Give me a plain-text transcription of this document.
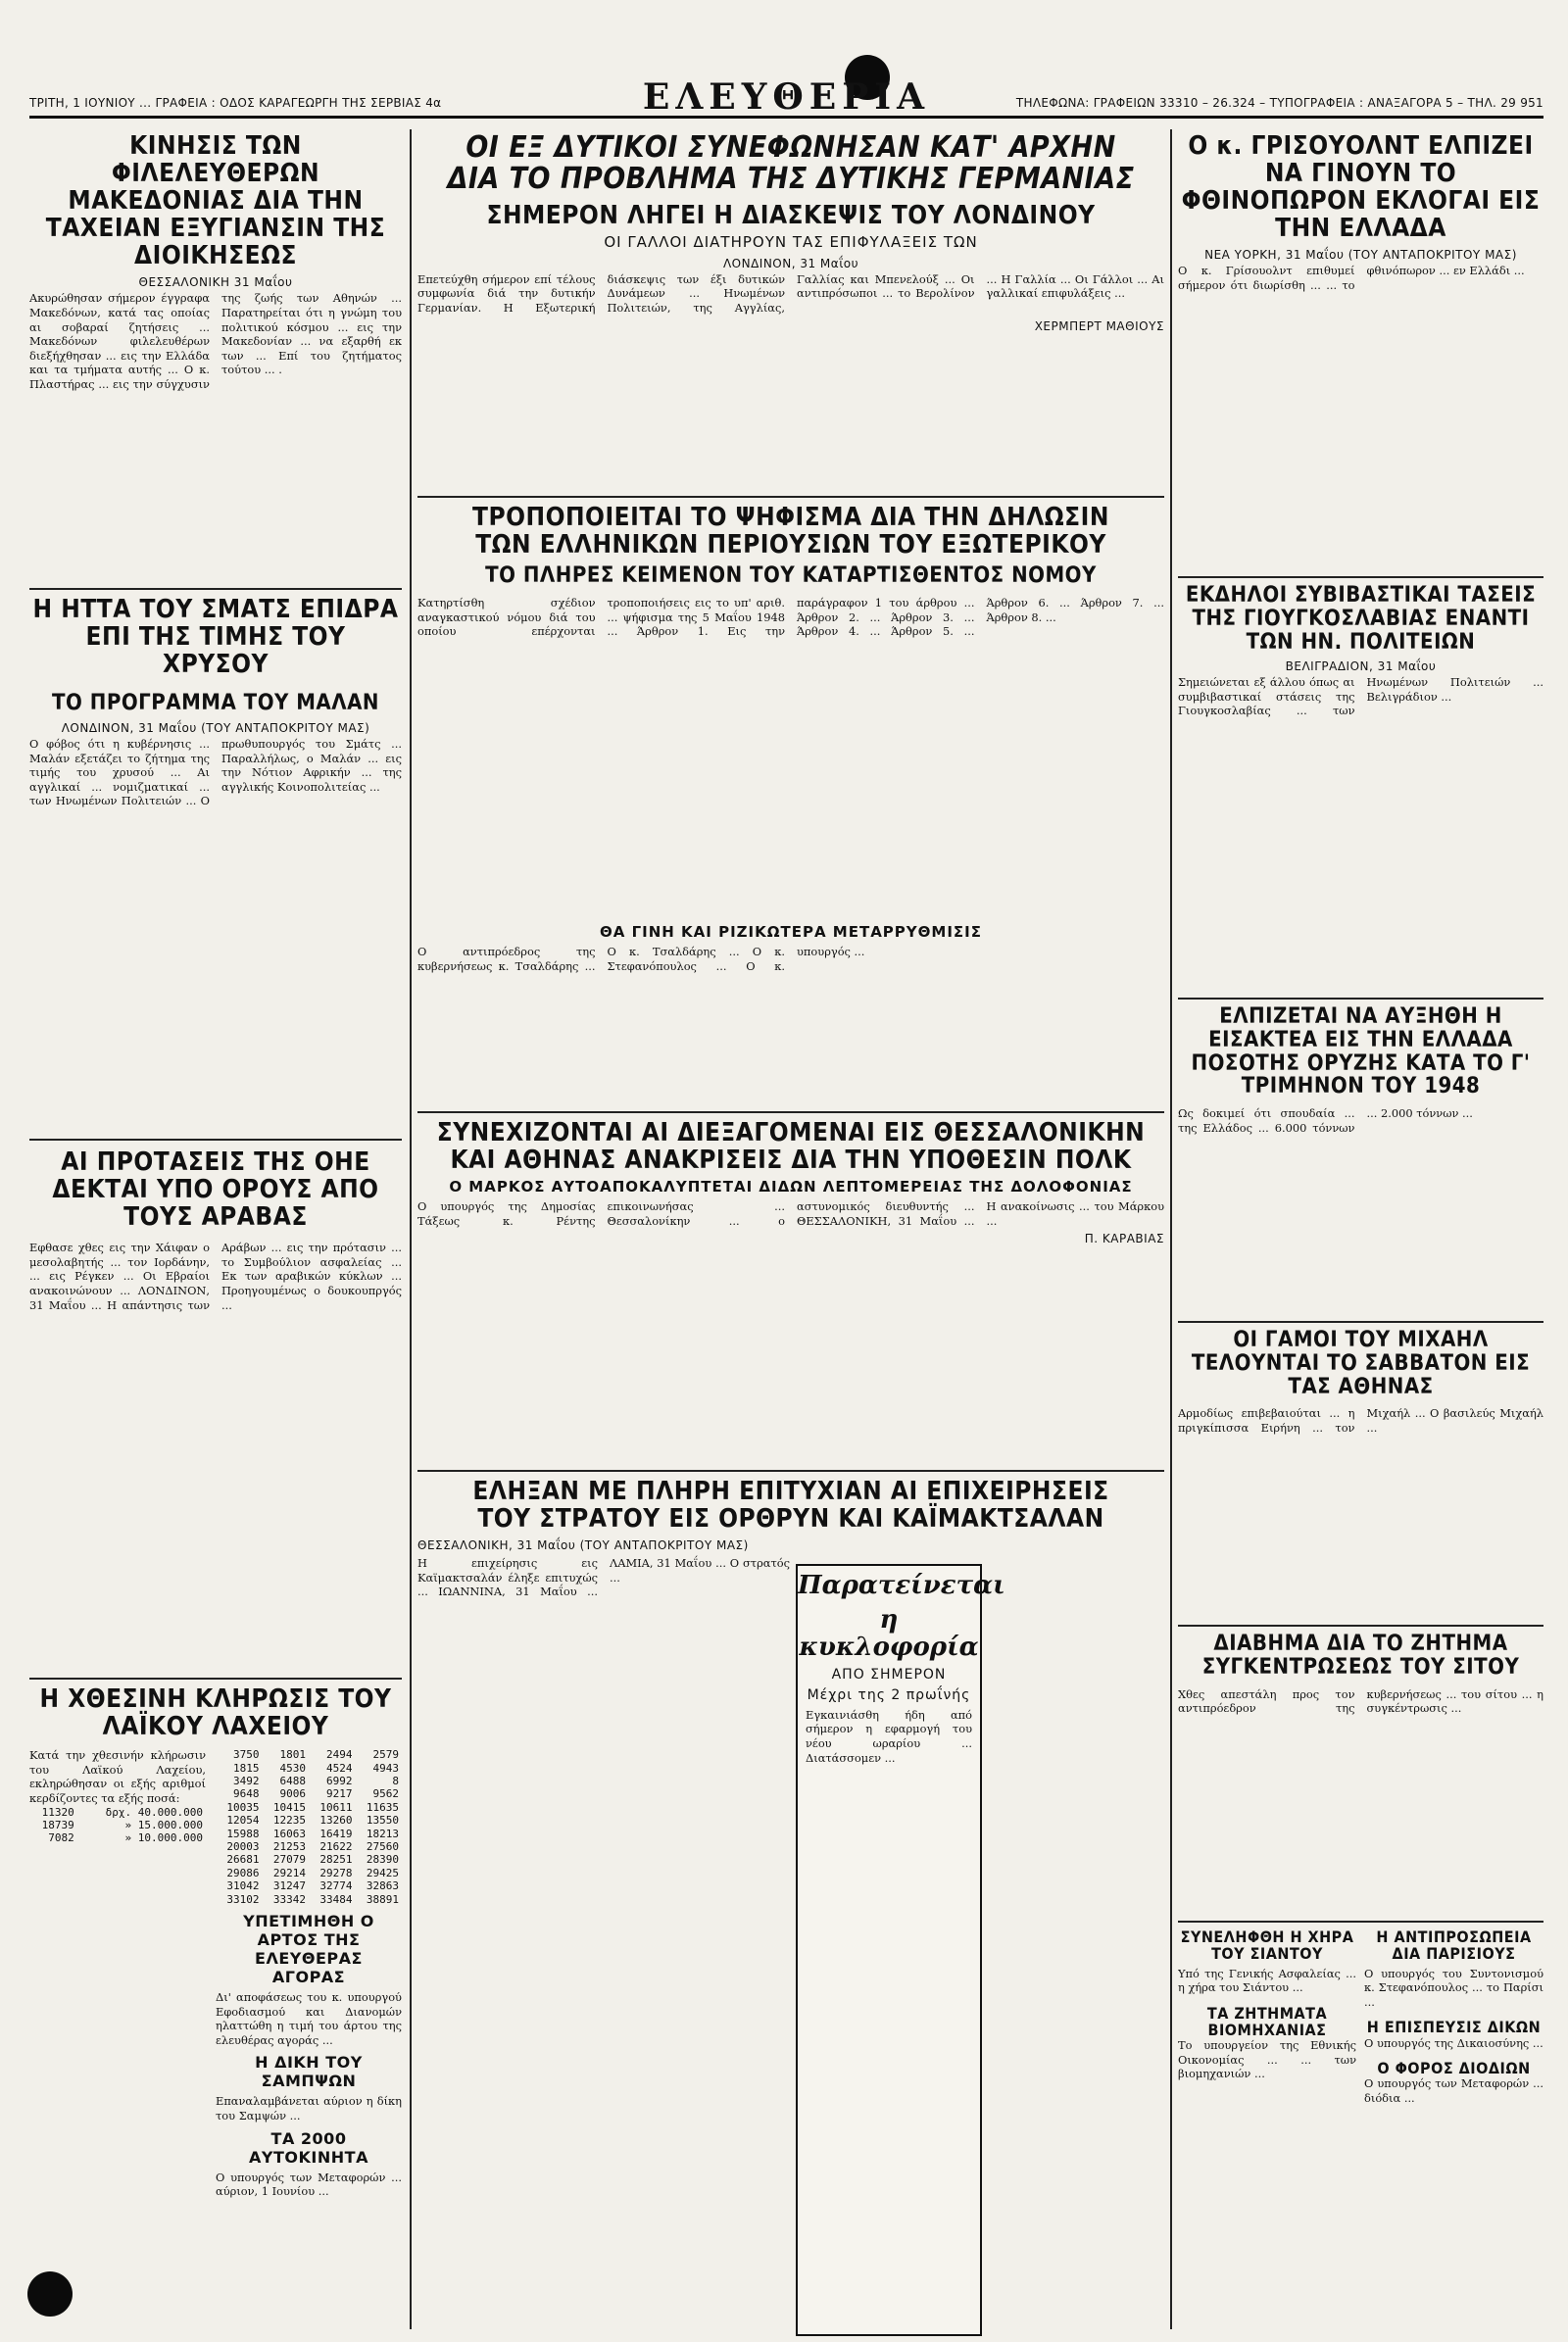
ΤΡΙΤΗ, 1 ΙΟΥΝΙΟΥ ... ΓΡΑΦΕΙΑ : ΟΔΟΣ ΚΑΡΑΓΕΩΡΓΗ ΤΗΣ ΣΕΡΒΙΑΣ 4α	ΕΛΕΥΘΕΡΙΑ	ΤΗΛΕΦΩΝΑ: ΓΡΑΦΕΙΩΝ 33310 – 26.324 – ΤΥΠΟΓΡΑΦΕΙΑ : ΑΝΑΞΑΓΟΡΑ 5 – ΤΗΛ. 29 951
ΚΙΝΗΣΙΣ ΤΩΝ ΦΙΛΕΛΕΥΘΕΡΩΝ ΜΑΚΕΔΟΝΙΑΣ ΔΙΑ ΤΗΝ ΤΑΧΕΙΑΝ ΕΞΥΓΙΑΝΣΙΝ ΤΗΣ ΔΙΟΙΚΗΣΕΩΣ
ΘΕΣΣΑΛΟΝΙΚΗ 31 Μαΐου

Ακυρώθησαν σήμερον έγγραφα Μακεδόνων, κατά τας οποίας αι σοβαραί ζητήσεις ... Μακεδόνων φιλελευθέρων διεξήχθησαν ... εις την Ελλάδα και τα τμήματα αυτής ... Ο κ. Πλαστήρας ... εις την σύγχυσιν της ζωής των Αθηνών ... Παρατηρείται ότι η γνώμη του πολιτικού κόσμου ... εις την Μακεδονίαν ... να εξαρθή εκ των ... Επί του ζητήματος τούτου ... .

Η ΗΤΤΑ ΤΟΥ ΣΜΑΤΣ ΕΠΙΔΡΑ ΕΠΙ ΤΗΣ ΤΙΜΗΣ ΤΟΥ ΧΡΥΣΟΥ
ΤΟ ΠΡΟΓΡΑΜΜΑ ΤΟΥ ΜΑΛΑΝ
ΛΟΝΔΙΝΟΝ, 31 Μαΐου (ΤΟΥ ΑΝΤΑΠΟΚΡΙΤΟΥ ΜΑΣ)

Ο φόβος ότι η κυβέρνησις ... Μαλάν εξετάζει το ζήτημα της τιμής του χρυσού ... Αι αγγλικαί ... νομιζματικαί ... των Ηνωμένων Πολιτειών ... Ο πρωθυπουργός του Σμάτς ... Παραλλήλως, ο Μαλάν ... εις την Νότιον Αφρικήν ... της αγγλικής Κοινοπολιτείας ...

ΑΙ ΠΡΟΤΑΣΕΙΣ ΤΗΣ ΟΗΕ ΔΕΚΤΑΙ ΥΠΟ ΟΡΟΥΣ ΑΠΟ ΤΟΥΣ ΑΡΑΒΑΣ

Εφθασε χθες εις την Χάιφαν ο μεσολαβητής ... τον Ιορδάνην, ... εις Ρέγκεν ... Οι Εβραίοι ανακοινώνουν ... ΛΟΝΔΙΝΟΝ, 31 Μαΐου ... Η απάντησις των Αράβων ... εις την πρότασιν ... το Συμβούλιον ασφαλείας ... Εκ των αραβικών κύκλων ... Προηγουμένως ο δουκουπργός ...

Η ΧΘΕΣΙΝΗ ΚΛΗΡΩΣΙΣ ΤΟΥ ΛΑΪΚΟΥ ΛΑΧΕΙΟΥ

Κατά την χθεσινήν κλήρωσιν του Λαϊκού Λαχείου, εκληρώθησαν οι εξής αριθμοί κερδίζοντες τα εξής ποσά:

11320	δρχ. 40.000.000
18739	» 15.000.000
7082	» 10.000.000
3750	1801	2494	2579
1815	4530	4524	4943
3492	6488	6992	8
9648	9006	9217	9562
10035	10415	10611	11635
12054	12235	13260	13550
15988	16063	16419	18213
20003	21253	21622	27560
26681	27079	28251	28390
29086	29214	29278	29425
31042	31247	32774	32863
33102	33342	33484	38891
ΥΠΕΤΙΜΗΘΗ Ο ΑΡΤΟΣ ΤΗΣ ΕΛΕΥΘΕΡΑΣ ΑΓΟΡΑΣ

Δι' αποφάσεως του κ. υπουργού Εφοδιασμού και Διανομών ηλαττώθη η τιμή του άρτου της ελευθέρας αγοράς ...

Η ΔΙΚΗ ΤΟΥ ΣΑΜΠΨΩΝ

Επαναλαμβάνεται αύριον η δίκη του Σαμψών ...

ΤΑ 2000 ΑΥΤΟΚΙΝΗΤΑ

Ο υπουργός των Μεταφορών ... αύριον, 1 Ιουνίου ...

ΟΙ ΕΞ ΔΥΤΙΚΟΙ ΣΥΝΕΦΩΝΗΣΑΝ ΚΑΤ' ΑΡΧΗΝ
ΔΙΑ ΤΟ ΠΡΟΒΛΗΜΑ ΤΗΣ ΔΥΤΙΚΗΣ ΓΕΡΜΑΝΙΑΣ
ΣΗΜΕΡΟΝ ΛΗΓΕΙ Η ΔΙΑΣΚΕΨΙΣ ΤΟΥ ΛΟΝΔΙΝΟΥ
ΟΙ ΓΑΛΛΟΙ ΔΙΑΤΗΡΟΥΝ ΤΑΣ ΕΠΙΦΥΛΑΞΕΙΣ ΤΩΝ
ΛΟΝΔΙΝΟΝ, 31 Μαΐου

Επετεύχθη σήμερον επί τέλους συμφωνία διά την δυτικήν Γερμανίαν. Η Εξωτερική διάσκεψις των έξι δυτικών Δυνάμεων ... Ηνωμένων Πολιτειών, της Αγγλίας, Γαλλίας και Μπενελούξ ... Οι αντιπρόσωποι ... το Βερολίνον ... Η Γαλλία ... Οι Γάλλοι ... Αι γαλλικαί επιφυλάξεις ...

ΧΕΡΜΠΕΡΤ ΜΑΘΙΟΥΣ
ΤΡΟΠΟΠΟΙΕΙΤΑΙ ΤΟ ΨΗΦΙΣΜΑ ΔΙΑ ΤΗΝ ΔΗΛΩΣΙΝ
ΤΩΝ ΕΛΛΗΝΙΚΩΝ ΠΕΡΙΟΥΣΙΩΝ ΤΟΥ ΕΞΩΤΕΡΙΚΟΥ
ΤΟ ΠΛΗΡΕΣ ΚΕΙΜΕΝΟΝ ΤΟΥ ΚΑΤΑΡΤΙΣΘΕΝΤΟΣ ΝΟΜΟΥ

Κατηρτίσθη σχέδιον αναγκαστικού νόμου διά του οποίου επέρχονται τροποποιήσεις εις το υπ' αριθ. ... ψήφισμα της 5 Μαΐου 1948 ... Άρθρον 1. Εις την παράγραφον 1 του άρθρου ... Άρθρον 2. ... Άρθρον 3. ... Άρθρον 4. ... Άρθρον 5. ... Άρθρον 6. ... Άρθρον 7. ... Άρθρον 8. ...

ΘΑ ΓΙΝΗ ΚΑΙ ΡΙΖΙΚΩΤΕΡΑ ΜΕΤΑΡΡΥΘΜΙΣΙΣ

Ο αντιπρόεδρος της κυβερνήσεως κ. Τσαλδάρης ... Ο κ. Τσαλδάρης ... Ο κ. Στεφανόπουλος ... Ο κ. υπουργός ...

ΣΥΝΕΧΙΖΟΝΤΑΙ ΑΙ ΔΙΕΞΑΓΟΜΕΝΑΙ ΕΙΣ ΘΕΣΣΑΛΟΝΙΚΗΝ
ΚΑΙ ΑΘΗΝΑΣ ΑΝΑΚΡΙΣΕΙΣ ΔΙΑ ΤΗΝ ΥΠΟΘΕΣΙΝ ΠΟΛΚ
Ο ΜΑΡΚΟΣ ΑΥΤΟΑΠΟΚΑΛΥΠΤΕΤΑΙ ΔΙΔΩΝ ΛΕΠΤΟΜΕΡΕΙΑΣ ΤΗΣ ΔΟΛΟΦΟΝΙΑΣ

Ο υπουργός της Δημοσίας Τάξεως κ. Ρέντης επικοινωνήσας ... Θεσσαλονίκην ... ο αστυνομικός διευθυντής ... ΘΕΣΣΑΛΟΝΙΚΗ, 31 Μαΐου ... Η ανακοίνωσις ... του Μάρκου ...

Π. ΚΑΡΑΒΙΑΣ
ΕΛΗΞΑΝ ΜΕ ΠΛΗΡΗ ΕΠΙΤΥΧΙΑΝ ΑΙ ΕΠΙΧΕΙΡΗΣΕΙΣ
ΤΟΥ ΣΤΡΑΤΟΥ ΕΙΣ ΟΡΘΡΥΝ ΚΑΙ ΚΑΪΜΑΚΤΣΑΛΑΝ
ΘΕΣΣΑΛΟΝΙΚΗ, 31 Μαΐου (ΤΟΥ ΑΝΤΑΠΟΚΡΙΤΟΥ ΜΑΣ)

Η επιχείρησις εις Καϊμακτσαλάν έληξε επιτυχώς ... ΙΩΑΝΝΙΝΑ, 31 Μαΐου ... ΛΑΜΙΑ, 31 Μαΐου ... Ο στρατός ...	Παρατείνεται
η κυκλοφορία
ΑΠΟ ΣΗΜΕΡΟΝ
Μέχρι της 2 πρωΐνής

Εγκαινιάσθη ήδη από σήμερον η εφαρμογή του νέου ωραρίου ... Διατάσσομεν ...

Ο κ. ΓΡΙΣΟΥΟΛΝΤ ΕΛΠΙΖΕΙ ΝΑ ΓΙΝΟΥΝ ΤΟ ΦΘΙΝΟΠΩΡΟΝ ΕΚΛΟΓΑΙ ΕΙΣ ΤΗΝ ΕΛΛΑΔΑ
ΝΕΑ ΥΟΡΚΗ, 31 Μαΐου (ΤΟΥ ΑΝΤΑΠΟΚΡΙΤΟΥ ΜΑΣ)

Ο κ. Γρίσουολντ επιθυμεί σήμερον ότι διωρίσθη ... ... το φθινόπωρον ... εν Ελλάδι ...

ΕΚΔΗΛΟΙ ΣΥΒΙΒΑΣΤΙΚΑΙ ΤΑΣΕΙΣ ΤΗΣ ΓΙΟΥΓΚΟΣΛΑΒΙΑΣ ΕΝΑΝΤΙ ΤΩΝ ΗΝ. ΠΟΛΙΤΕΙΩΝ
ΒΕΛΙΓΡΑΔΙΟΝ, 31 Μαΐου

Σημειώνεται εξ άλλου όπως αι συμβιβαστικαί στάσεις της Γιουγκοσλαβίας ... των Ηνωμένων Πολιτειών ... Βελιγράδιον ...

ΕΛΠΙΖΕΤΑΙ ΝΑ ΑΥΞΗΘΗ Η ΕΙΣΑΚΤΕΑ ΕΙΣ ΤΗΝ ΕΛΛΑΔΑ ΠΟΣΟΤΗΣ ΟΡΥΖΗΣ ΚΑΤΑ ΤΟ Γ' ΤΡΙΜΗΝΟΝ ΤΟΥ 1948

Ως δοκιμεί ότι σπουδαία ... της Ελλάδος ... 6.000 τόννων ... 2.000 τόννων ...

ΟΙ ΓΑΜΟΙ ΤΟΥ ΜΙΧΑΗΛ ΤΕΛΟΥΝΤΑΙ ΤΟ ΣΑΒΒΑΤΟΝ ΕΙΣ ΤΑΣ ΑΘΗΝΑΣ

Αρμοδίως επιβεβαιούται ... η πριγκίπισσα Ειρήνη ... τον Μιχαήλ ... Ο βασιλεύς Μιχαήλ ...

ΔΙΑΒΗΜΑ ΔΙΑ ΤΟ ΖΗΤΗΜΑ ΣΥΓΚΕΝΤΡΩΣΕΩΣ ΤΟΥ ΣΙΤΟΥ

Χθες απεστάλη προς τον αντιπρόεδρον της κυβερνήσεως ... του σίτου ... η συγκέντρωσις ...

ΣΥΝΕΛΗΦΘΗ Η ΧΗΡΑ ΤΟΥ ΣΙΑΝΤΟΥ

Υπό της Γενικής Ασφαλείας ... η χήρα του Σιάντου ...

ΤΑ ΖΗΤΗΜΑΤΑ ΒΙΟΜΗΧΑΝΙΑΣ

Το υπουργείον της Εθνικής Οικονομίας ... ... των βιομηχανιών ...

Η ΑΝΤΙΠΡΟΣΩΠΕΙΑ ΔΙΑ ΠΑΡΙΣΙΟΥΣ

Ο υπουργός του Συντονισμού κ. Στεφανόπουλος ... το Παρίσι ...

Η ΕΠΙΣΠΕΥΣΙΣ ΔΙΚΩΝ

Ο υπουργός της Δικαιοσύνης ...

Ο ΦΟΡΟΣ ΔΙΟΔΙΩΝ

Ο υπουργός των Μεταφορών ... διόδια ...
